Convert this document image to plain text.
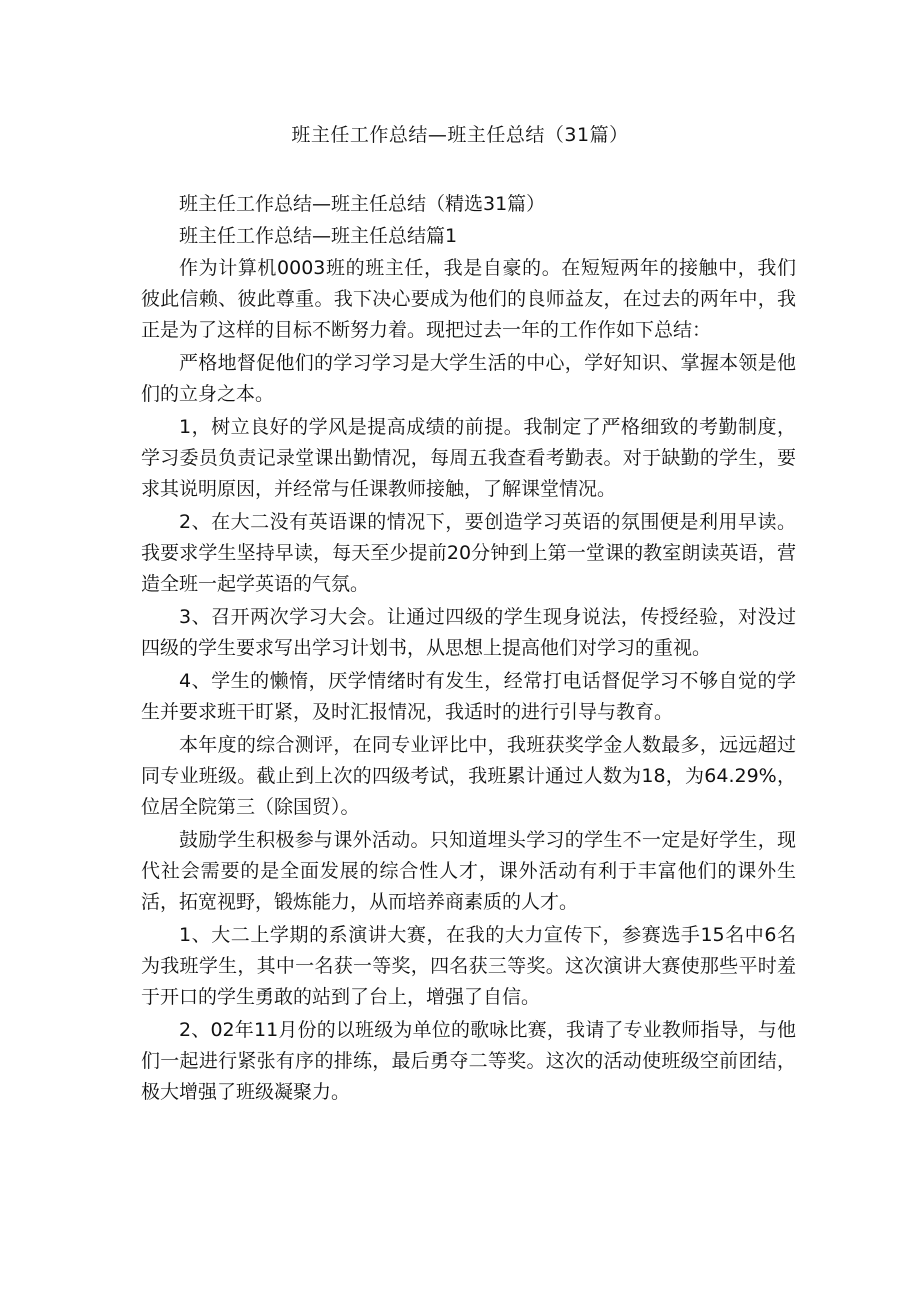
班主任工作总结—班主任总结（31篇）

班主任工作总结—班主任总结（精选31篇）

班主任工作总结—班主任总结篇1

作为计算机0003班的班主任，我是自豪的。在短短两年的接触中，我们彼此信赖、彼此尊重。我下决心要成为他们的良师益友，在过去的两年中，我正是为了这样的目标不断努力着。现把过去一年的工作作如下总结：

严格地督促他们的学习学习是大学生活的中心，学好知识、掌握本领是他们的立身之本。

1，树立良好的学风是提高成绩的前提。我制定了严格细致的考勤制度，学习委员负责记录堂课出勤情况，每周五我查看考勤表。对于缺勤的学生，要求其说明原因，并经常与任课教师接触，了解课堂情况。

2、在大二没有英语课的情况下，要创造学习英语的氛围便是利用早读。我要求学生坚持早读，每天至少提前20分钟到上第一堂课的教室朗读英语，营造全班一起学英语的气氛。

3、召开两次学习大会。让通过四级的学生现身说法，传授经验，对没过四级的学生要求写出学习计划书，从思想上提高他们对学习的重视。

4、学生的懒惰，厌学情绪时有发生，经常打电话督促学习不够自觉的学生并要求班干盯紧，及时汇报情况，我适时的进行引导与教育。

本年度的综合测评，在同专业评比中，我班获奖学金人数最多，远远超过同专业班级。截止到上次的四级考试，我班累计通过人数为18，为64.29%，位居全院第三（除国贸）。

鼓励学生积极参与课外活动。只知道埋头学习的学生不一定是好学生，现代社会需要的是全面发展的综合性人才，课外活动有利于丰富他们的课外生活，拓宽视野，锻炼能力，从而培养商素质的人才。

1、大二上学期的系演讲大赛，在我的大力宣传下，参赛选手15名中6名为我班学生，其中一名获一等奖，四名获三等奖。这次演讲大赛使那些平时羞于开口的学生勇敢的站到了台上，增强了自信。

2、02年11月份的以班级为单位的歌咏比赛，我请了专业教师指导，与他们一起进行紧张有序的排练，最后勇夺二等奖。这次的活动使班级空前团结，极大增强了班级凝聚力。
